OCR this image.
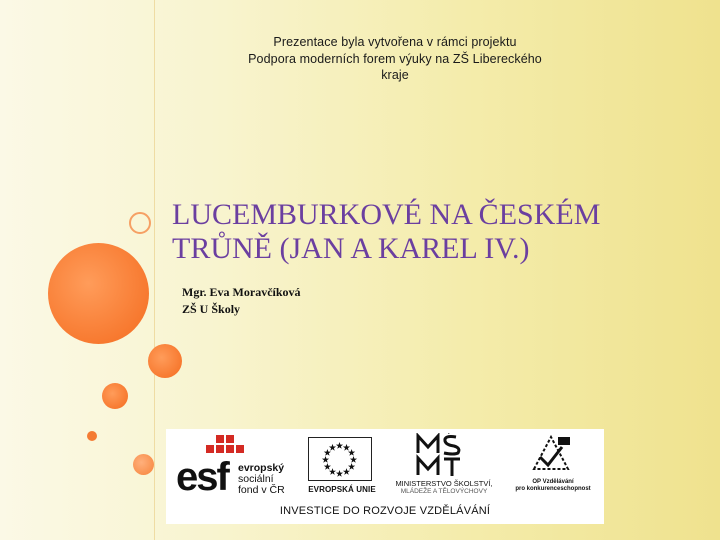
Prezentace byla vytvořena v rámci projektu
Podpora moderních forem výuky na ZŠ Libereckého
kraje
LUCEMBURKOVÉ NA ČESKÉM
TRŮNĚ (JAN A KAREL IV.)
Mgr. Eva Moravčíková
ZŠ U Školy
esf evropský
sociální
fond v ČR	EVROPSKÁ UNIE
MINISTERSTVO ŠKOLSTVÍ,
MLÁDEŽE A TĚLOVÝCHOVY
OP Vzdělávání
pro konkurenceschopnost
INVESTICE DO ROZVOJE VZDĚLÁVÁNÍ
